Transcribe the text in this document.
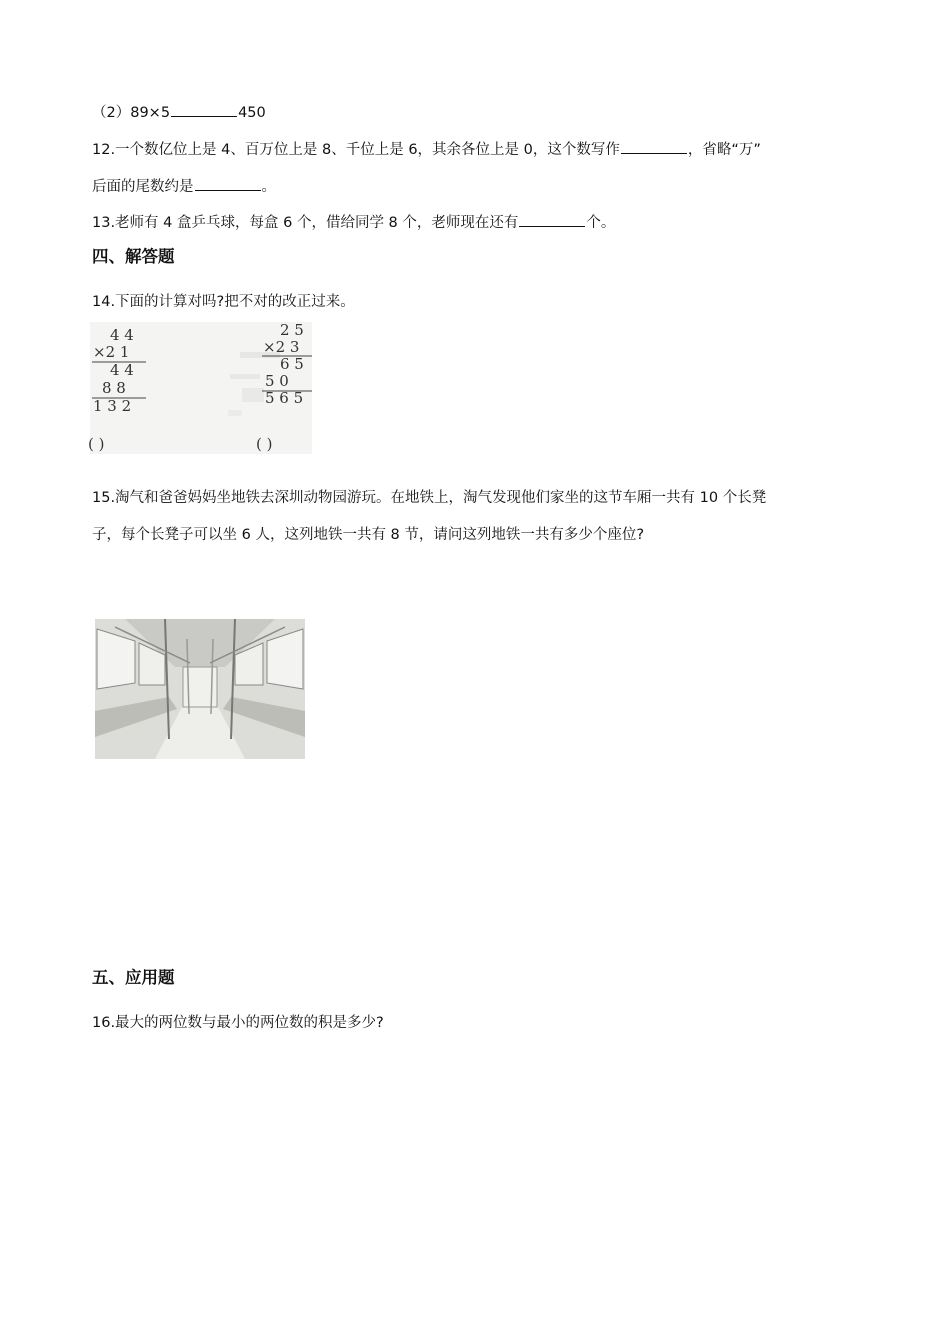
（2）89×5	450
12.一个数亿位上是 4、百万位上是 8、千位上是 6，其余各位上是 0，这个数写作	，省略“万”
后面的尾数约是	。
13.老师有 4 盒乒乓球，每盒 6 个，借给同学 8 个，老师现在还有	个。
四、解答题
14.下面的计算对吗?把不对的改正过来。
4 4
×2 1
4 4
8 8
1 3 2
( )
2 5
×2 3
6 5
5 0
5 6 5
( )
15.淘气和爸爸妈妈坐地铁去深圳动物园游玩。在地铁上，淘气发现他们家坐的这节车厢一共有 10 个长凳
子，每个长凳子可以坐 6 人，这列地铁一共有 8 节，请问这列地铁一共有多少个座位?
五、应用题
16.最大的两位数与最小的两位数的积是多少?
